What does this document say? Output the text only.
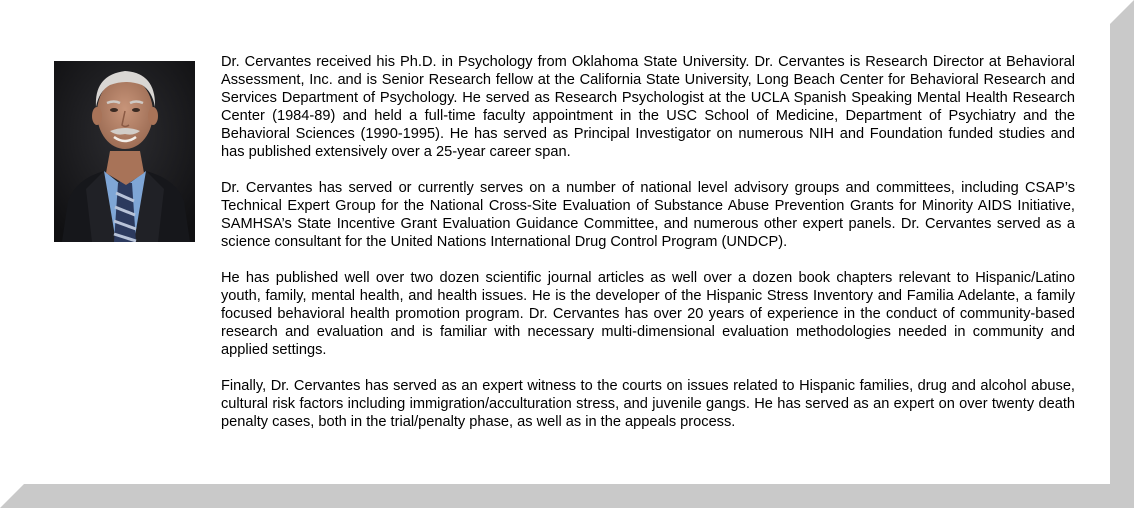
Dr. Cervantes received his Ph.D. in Psychology from Oklahoma State University. Dr. Cervantes is Research Director at Behavioral Assessment, Inc. and is Senior Research fellow at the California State University, Long Beach Center for Behavioral Research and Services Department of Psychology. He served as Research Psychologist at the UCLA Spanish Speaking Mental Health Research Center (1984-89) and held a full-time faculty appointment in the USC School of Medicine, Department of Psychiatry and the Behavioral Sciences (1990-1995). He has served as Principal Investigator on numerous NIH and Foundation funded studies and has published extensively over a 25-year career span.

Dr. Cervantes has served or currently serves on a number of national level advisory groups and committees, including CSAP’s Technical Expert Group for the National Cross-Site Evaluation of Substance Abuse Prevention Grants for Minority AIDS Initiative, SAMHSA’s State Incentive Grant Evaluation Guidance Committee, and numerous other expert panels. Dr. Cervantes served as a science consultant for the United Nations International Drug Control Program (UNDCP).

He has published well over two dozen scientific journal articles as well over a dozen book chapters relevant to Hispanic/Latino youth, family, mental health, and health issues. He is the developer of the Hispanic Stress Inventory and Familia Adelante, a family focused behavioral health promotion program. Dr. Cervantes has over 20 years of experience in the conduct of community-based research and evaluation and is familiar with necessary multi-dimensional evaluation methodologies needed in community and applied settings.

Finally, Dr. Cervantes has served as an expert witness to the courts on issues related to Hispanic families, drug and alcohol abuse, cultural risk factors including immigration/acculturation stress, and juvenile gangs. He has served as an expert on over twenty death penalty cases, both in the trial/penalty phase, as well as in the appeals process.
